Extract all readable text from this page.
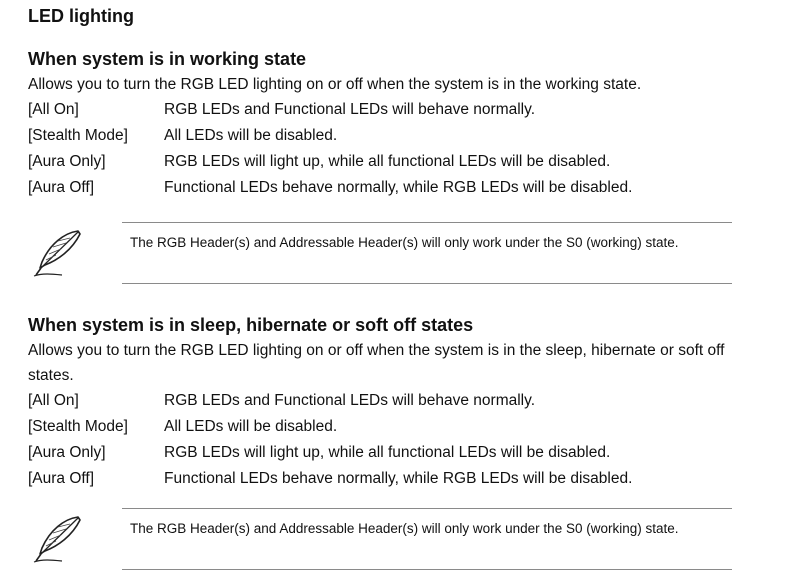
LED lighting
When system is in working state

Allows you to turn the RGB LED lighting on or off when the system is in the working state.

[All On]	RGB LEDs and Functional LEDs will behave normally.
[Stealth Mode]	All LEDs will be disabled.
[Aura Only]	RGB LEDs will light up, while all functional LEDs will be disabled.
[Aura Off]	Functional LEDs behave normally, while RGB LEDs will be disabled.

The RGB Header(s) and Addressable Header(s) will only work under the S0 (working) state.

When system is in sleep, hibernate or soft off states

Allows you to turn the RGB LED lighting on or off when the system is in the sleep, hibernate or soft off states.

[All On]	RGB LEDs and Functional LEDs will behave normally.
[Stealth Mode]	All LEDs will be disabled.
[Aura Only]	RGB LEDs will light up, while all functional LEDs will be disabled.
[Aura Off]	Functional LEDs behave normally, while RGB LEDs will be disabled.

The RGB Header(s) and Addressable Header(s) will only work under the S0 (working) state.
